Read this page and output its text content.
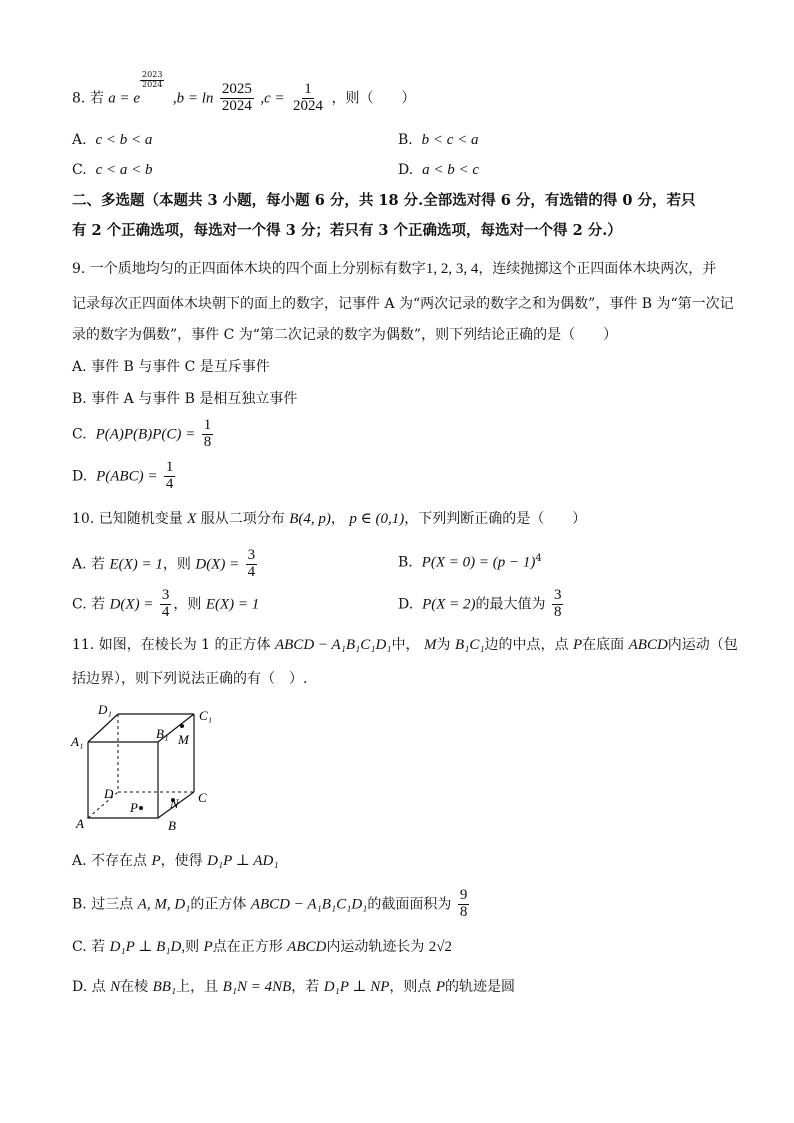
8. 若 a = e
$^{\frac{2023}{2024}}$
$,b = \ln \frac{2025}{2024} ,c = \frac{1}{2024}$ ，则（　　）
A. c < b < a	B. b < c < a
C. c < a < b	D. a < b < c
二、多选题（本题共 3 小题，每小题 6 分，共 18 分.全部选对得 6 分，有选错的得 0 分，若只
有 2 个正确选项，每选对一个得 3 分；若只有 3 个正确选项，每选对一个得 2 分.）
9. 一个质地均匀的正四面体木块的四个面上分别标有数字1, 2, 3, 4，连续抛掷这个正四面体木块两次，并
记录每次正四面体木块朝下的面上的数字，记事件 A 为“两次记录的数字之和为偶数”，事件 B 为“第一次记
录的数字为偶数”，事件 C 为“第二次记录的数字为偶数”，则下列结论正确的是（　　）
A. 事件 B 与事件 C 是互斥事件
B. 事件 A 与事件 B 是相互独立事件
C. $P(A)P(B)P(C) = \frac{1}{8}$
D. $P(ABC) = \frac{1}{4}$
10. 已知随机变量 X 服从二项分布 B(4, p)， p ∈ (0,1)，下列判断正确的是（　　）
A. 若 E(X) = 1，则 $D(X) = \frac{3}{4}$	B. $P(X = 0) = (p - 1)^4$
C. 若 $D(X) = \frac{3}{4}$ ，则 E(X) = 1	D. P(X = 2)的最大值为 $\frac{3}{8}$
11. 如图，在棱长为 1 的正方体 ABCD − A₁B₁C₁D₁中， M为 B₁C₁边的中点，点 P在底面 ABCD内运动（包
括边界），则下列说法正确的有（　）.
D₁	C₁
A₁
B₁ M
D	C
P N
A	B
A. 不存在点 P，使得 D₁P ⊥ AD₁
B. 过三点 A, M, D₁的正方体 ABCD − A₁B₁C₁D₁的截面面积为 $\frac{9}{8}$
C. 若 D₁P ⊥ B₁D,则 P点在正方形 ABCD内运动轨迹长为 2√2
D. 点 N在棱 BB₁上，且 B₁N = 4NB，若 D₁P ⊥ NP，则点 P的轨迹是圆
